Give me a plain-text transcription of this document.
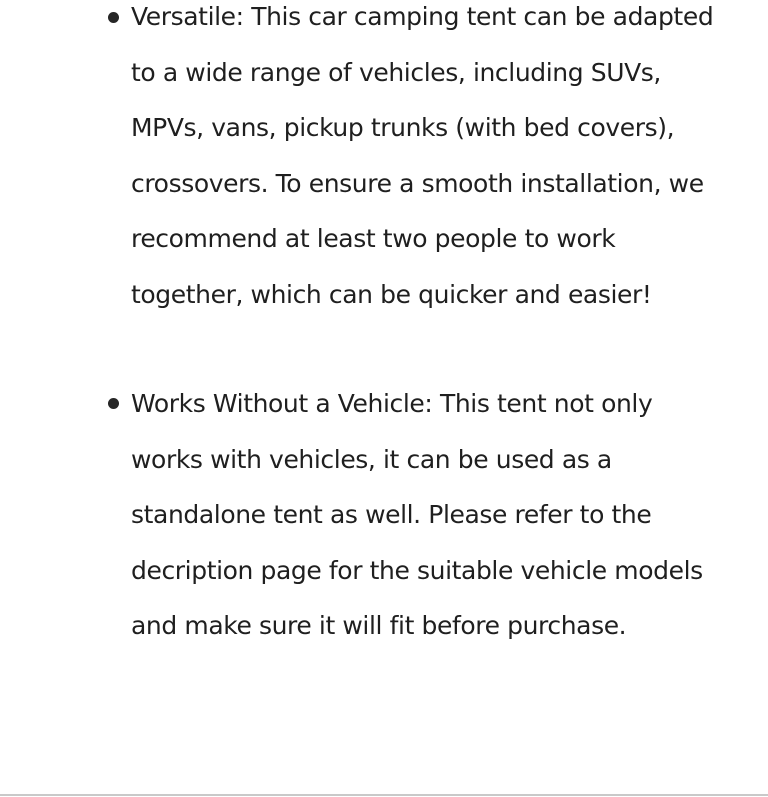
Versatile: This car camping tent can be adapted to a wide range of vehicles, including SUVs, MPVs, vans, pickup trunks (with bed covers), crossovers. To ensure a smooth installation, we recommend at least two people to work together, which can be quicker and easier!

Works Without a Vehicle: This tent not only works with vehicles, it can be used as a standalone tent as well. Please refer to the decription page for the suitable vehicle models and make sure it will fit before purchase.
